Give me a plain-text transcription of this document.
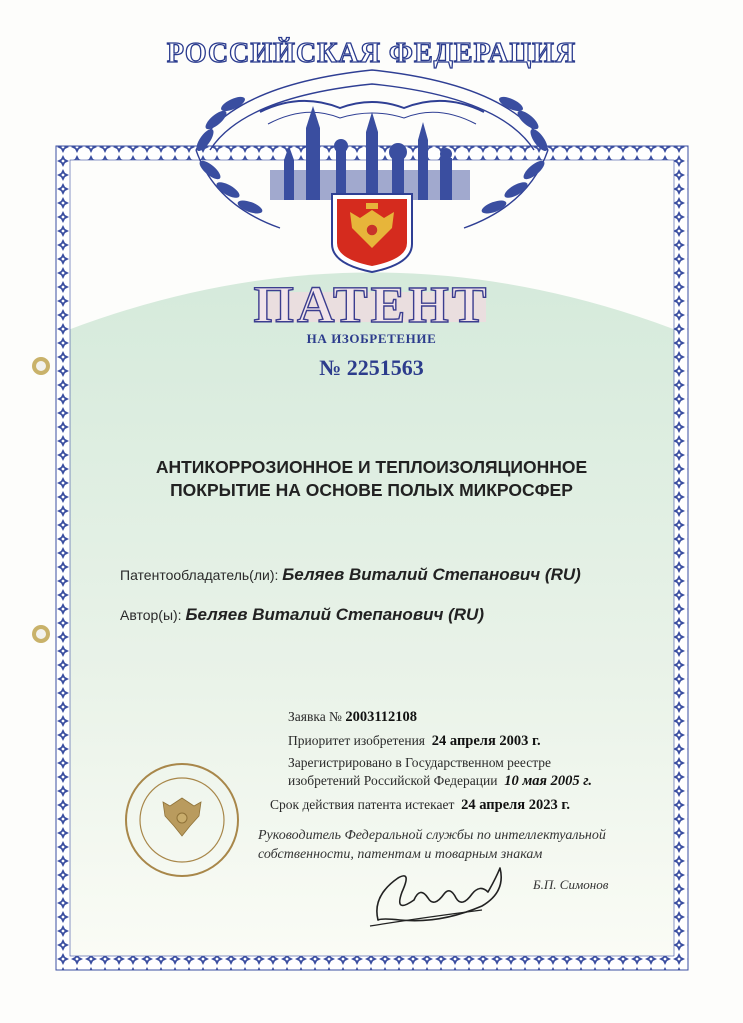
РОССИЙСКАЯ ФЕДЕРАЦИЯ
ПАТЕНТ
НА ИЗОБРЕТЕНИЕ
№ 2251563
АНТИКОРРОЗИОННОЕ И ТЕПЛОИЗОЛЯЦИОННОЕ
ПОКРЫТИЕ НА ОСНОВЕ ПОЛЫХ МИКРОСФЕР
Патентообладатель(ли): Беляев Виталий Степанович (RU)
Автор(ы): Беляев Виталий Степанович (RU)
Заявка № 2003112108
Приоритет изобретения 24 апреля 2003 г.
Зарегистрировано в Государственном реестре
изобретений Российской Федерации 10 мая 2005 г.
Срок действия патента истекает 24 апреля 2023 г.
Руководитель Федеральной службы по интеллектуальной
собственности, патентам и товарным знакам
Б.П. Симонов
